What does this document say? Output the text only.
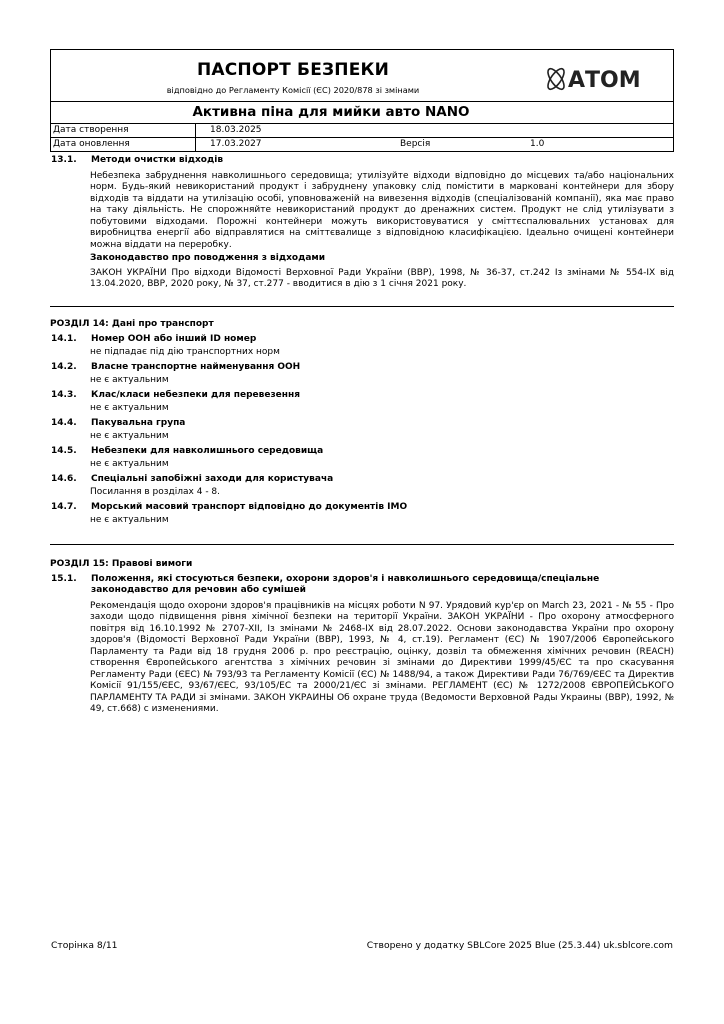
ПАСПОРТ БЕЗПЕКИ
відповідно до Регламенту Комісії (ЄС) 2020/878 зі змінами	АТОМ
Активна піна для мийки авто NANO
Дата створення	18.03.2025
Дата оновлення	17.03.2027	Версія	1.0
13.1.	Методи очистки відходів
Небезпека забруднення навколишнього середовища; утилізуйте відходи відповідно до місцевих та/або національних норм. Будь-який невикористаний продукт і забруднену упаковку слід помістити в марковані контейнери для збору відходів та віддати на утилізацію особі, уповноваженій на вивезення відходів (спеціалізованій компанії), яка має право на таку діяльність. Не спорожняйте невикористаний продукт до дренажних систем. Продукт не слід утилізувати з побутовими відходами. Порожні контейнери можуть використовуватися у сміттєспалювальних установах для виробництва енергії або відправлятися на сміттєвалище з відповідною класифікацією. Ідеально очищені контейнери можна віддати на переробку.
Законодавство про поводження з відходами
ЗАКОН УКРАЇНИ Про відходи Відомості Верховної Ради України (ВВР), 1998, № 36-37, ст.242 Із змінами № 554-IX від 13.04.2020, ВВР, 2020 року, № 37, ст.277 - вводитися в дію з 1 січня 2021 року.
РОЗДІЛ 14: Дані про транспорт
14.1.	Номер ООН або інший ID номер
не підпадає під дію транспортних норм
14.2.	Власне транспортне найменування ООН
не є актуальним
14.3.	Клас/класи небезпеки для перевезення
не є актуальним
14.4.	Пакувальна група
не є актуальним
14.5.	Небезпеки для навколишнього середовища
не є актуальним
14.6.	Спеціальні запобіжні заходи для користувача
Посилання в розділах 4 - 8.
14.7.	Морський масовий транспорт відповідно до документів IMO
не є актуальним
РОЗДІЛ 15: Правові вимоги
15.1.	Положення, які стосуються безпеки, охорони здоров'я і навколишнього середовища/спеціальне законодавство для речовин або сумішей
Рекомендація щодо охорони здоров'я працівників на місцях роботи N 97. Урядовий кур'єр on March 23, 2021 - № 55 - Про заходи щодо підвищення рівня хімічної безпеки на території України. ЗАКОН УКРАЇНИ - Про охорону атмосферного повітря від 16.10.1992 № 2707-XII, Із змінами № 2468-IX від 28.07.2022. Основи законодавства України про охорону здоров'я (Відомості Верховної Ради України (ВВР), 1993, № 4, ст.19). Регламент (ЄС) № 1907/2006 Європейського Парламенту та Ради від 18 грудня 2006 р. про реєстрацію, оцінку, дозвіл та обмеження хімічних речовин (REACH) створення Європейського агентства з хімічних речовин зі змінами до Директиви 1999/45/ЄС та про скасування Регламенту Ради (ЄЕС) № 793/93 та Регламенту Комісії (ЄС) № 1488/94, а також Директиви Ради 76/769/ЄЕС та Директив Комісії 91/155/ЄЕС, 93/67/ЄЕС, 93/105/ЕС та 2000/21/ЄС зі змінами. РЕГЛАМЕНТ (ЄС) № 1272/2008 ЄВРОПЕЙСЬКОГО ПАРЛАМЕНТУ ТА РАДИ зі змінами. ЗАКОН УКРАИНЫ Об охране труда (Ведомости Верховной Рады Украины (ВВР), 1992, № 49, ст.668) с изменениями.
Сторінка 8/11	Створено у додатку SBLCore 2025 Blue (25.3.44) uk.sblcore.com
